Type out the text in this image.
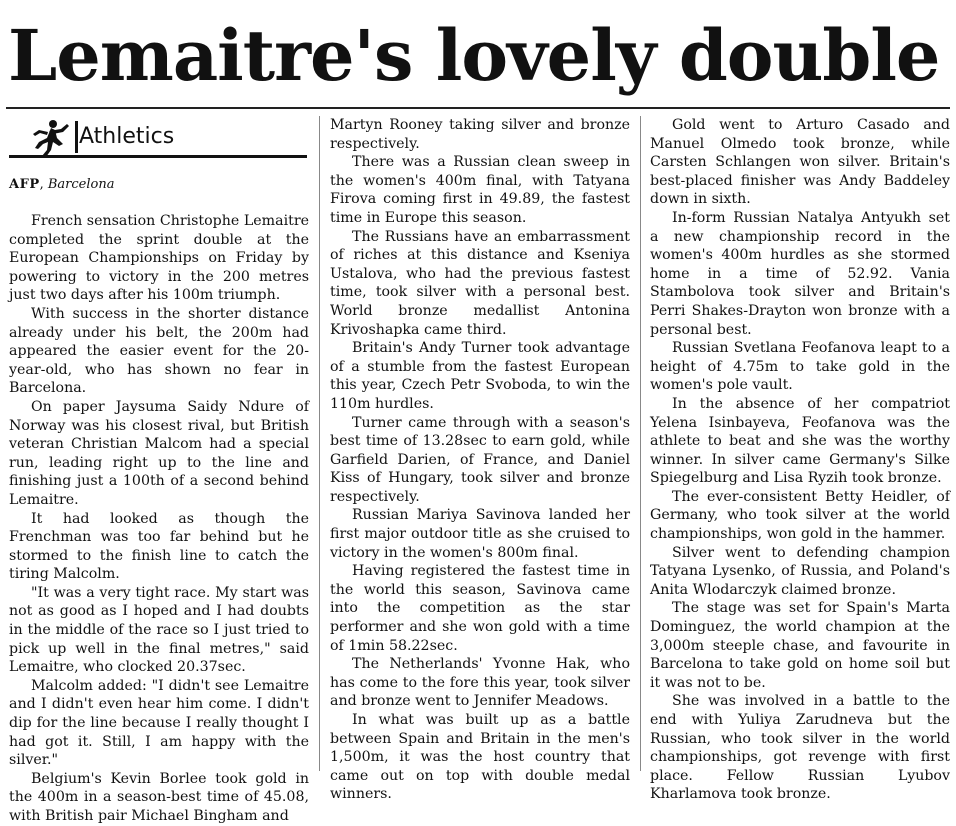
Lemaitre's lovely double
Athletics
AFP, Barcelona

French sensation Christophe Lemaitre completed the sprint double at the European Championships on Friday by powering to victory in the 200 metres just two days after his 100m triumph.

With success in the shorter distance already under his belt, the 200m had appeared the easier event for the 20-year-old, who has shown no fear in Barcelona.

On paper Jaysuma Saidy Ndure of Norway was his closest rival, but British veteran Christian Malcom had a special run, leading right up to the line and finishing just a 100th of a second behind Lemaitre.

It had looked as though the Frenchman was too far behind but he stormed to the finish line to catch the tiring Malcolm.

"It was a very tight race. My start was not as good as I hoped and I had doubts in the middle of the race so I just tried to pick up well in the final metres," said Lemaitre, who clocked 20.37sec.

Malcolm added: "I didn't see Lemaitre and I didn't even hear him come. I didn't dip for the line because I really thought I had got it. Still, I am happy with the silver."

Belgium's Kevin Borlee took gold in the 400m in a season-best time of 45.08, with British pair Michael Bingham and

Martyn Rooney taking silver and bronze respectively.

There was a Russian clean sweep in the women's 400m final, with Tatyana Firova coming first in 49.89, the fastest time in Europe this season.

The Russians have an embarrassment of riches at this distance and Kseniya Ustalova, who had the previous fastest time, took silver with a personal best. World bronze medallist Antonina Krivoshapka came third.

Britain's Andy Turner took advantage of a stumble from the fastest European this year, Czech Petr Svoboda, to win the 110m hurdles.

Turner came through with a season's best time of 13.28sec to earn gold, while Garfield Darien, of France, and Daniel Kiss of Hungary, took silver and bronze respectively.

Russian Mariya Savinova landed her first major outdoor title as she cruised to victory in the women's 800m final.

Having registered the fastest time in the world this season, Savinova came into the competition as the star performer and she won gold with a time of 1min 58.22sec.

The Netherlands' Yvonne Hak, who has come to the fore this year, took silver and bronze went to Jennifer Meadows.

In what was built up as a battle between Spain and Britain in the men's 1,500m, it was the host country that came out on top with double medal winners.

Gold went to Arturo Casado and Manuel Olmedo took bronze, while Carsten Schlangen won silver. Britain's best-placed finisher was Andy Baddeley down in sixth.

In-form Russian Natalya Antyukh set a new championship record in the women's 400m hurdles as she stormed home in a time of 52.92. Vania Stambolova took silver and Britain's Perri Shakes-Drayton won bronze with a personal best.

Russian Svetlana Feofanova leapt to a height of 4.75m to take gold in the women's pole vault.

In the absence of her compatriot Yelena Isinbayeva, Feofanova was the athlete to beat and she was the worthy winner. In silver came Germany's Silke Spiegelburg and Lisa Ryzih took bronze.

The ever-consistent Betty Heidler, of Germany, who took silver at the world championships, won gold in the hammer.

Silver went to defending champion Tatyana Lysenko, of Russia, and Poland's Anita Wlodarczyk claimed bronze.

The stage was set for Spain's Marta Dominguez, the world champion at the 3,000m steeple chase, and favourite in Barcelona to take gold on home soil but it was not to be.

She was involved in a battle to the end with Yuliya Zarudneva but the Russian, who took silver in the world championships, got revenge with first place. Fellow Russian Lyubov Kharlamova took bronze.
